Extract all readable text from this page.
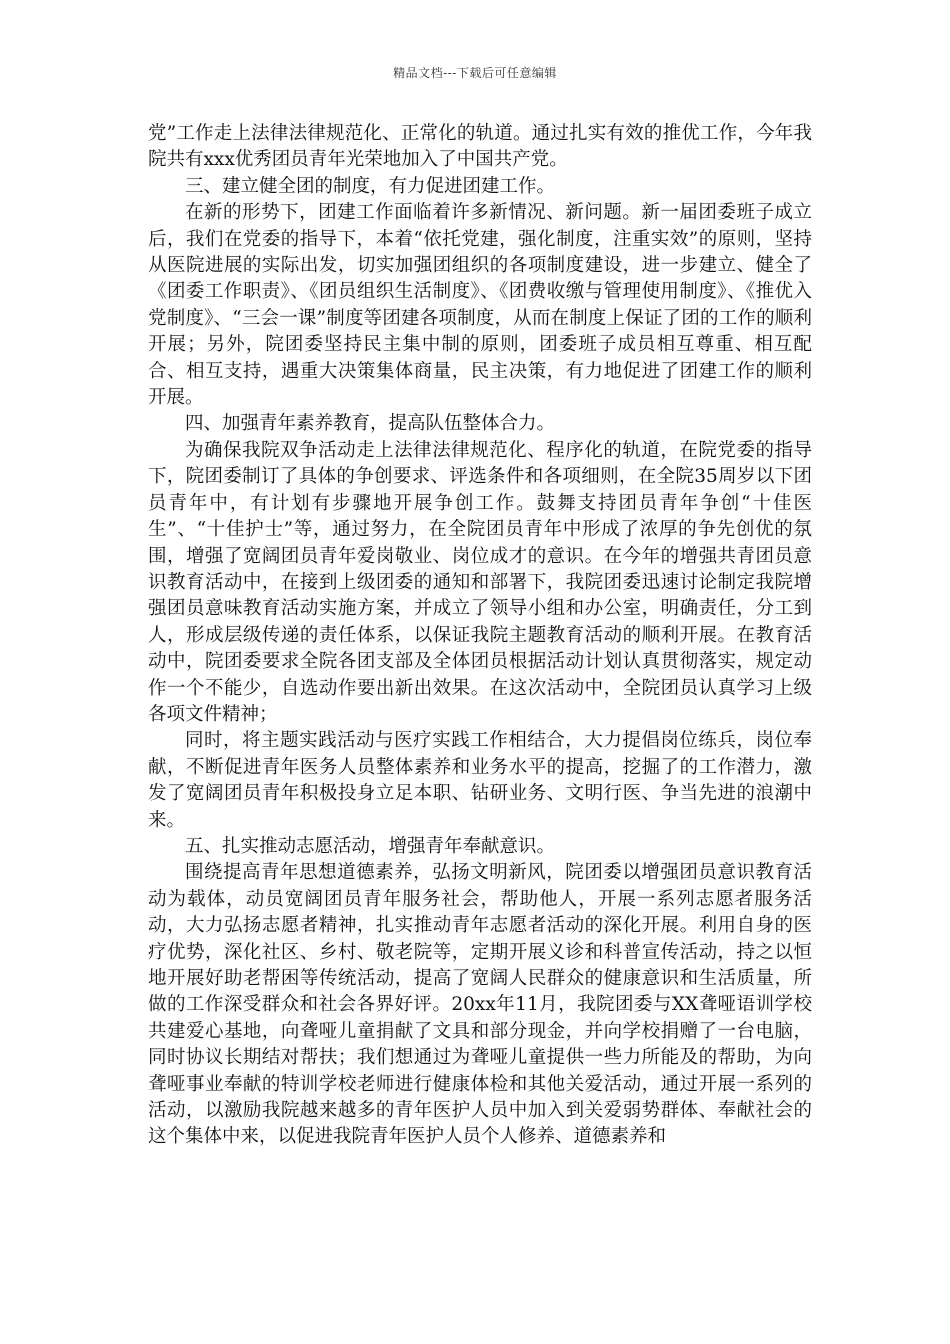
精品文档---下载后可任意编辑

党”工作走上法律法律规范化、正常化的轨道。通过扎实有效的推优工作，今年我院共有xxx优秀团员青年光荣地加入了中国共产党。

三、建立健全团的制度，有力促进团建工作。

在新的形势下，团建工作面临着许多新情况、新问题。新一届团委班子成立后，我们在党委的指导下，本着“依托党建，强化制度，注重实效”的原则，坚持从医院进展的实际出发，切实加强团组织的各项制度建设，进一步建立、健全了《团委工作职责》、《团员组织生活制度》、《团费收缴与管理使用制度》、《推优入党制度》、“三会一课”制度等团建各项制度，从而在制度上保证了团的工作的顺利开展；另外，院团委坚持民主集中制的原则，团委班子成员相互尊重、相互配合、相互支持，遇重大决策集体商量，民主决策，有力地促进了团建工作的顺利开展。

四、加强青年素养教育，提高队伍整体合力。

为确保我院双争活动走上法律法律规范化、程序化的轨道，在院党委的指导下，院团委制订了具体的争创要求、评选条件和各项细则，在全院35周岁以下团员青年中，有计划有步骤地开展争创工作。鼓舞支持团员青年争创“十佳医生”、“十佳护士”等，通过努力，在全院团员青年中形成了浓厚的争先创优的氛围，增强了宽阔团员青年爱岗敬业、岗位成才的意识。在今年的增强共青团员意识教育活动中，在接到上级团委的通知和部署下，我院团委迅速讨论制定我院增强团员意味教育活动实施方案，并成立了领导小组和办公室，明确责任，分工到人，形成层级传递的责任体系，以保证我院主题教育活动的顺利开展。在教育活动中，院团委要求全院各团支部及全体团员根据活动计划认真贯彻落实，规定动作一个不能少，自选动作要出新出效果。在这次活动中，全院团员认真学习上级各项文件精神；

同时，将主题实践活动与医疗实践工作相结合，大力提倡岗位练兵，岗位奉献，不断促进青年医务人员整体素养和业务水平的提高，挖掘了的工作潜力，激发了宽阔团员青年积极投身立足本职、钻研业务、文明行医、争当先进的浪潮中来。

五、扎实推动志愿活动，增强青年奉献意识。

围绕提高青年思想道德素养，弘扬文明新风，院团委以增强团员意识教育活动为载体，动员宽阔团员青年服务社会，帮助他人，开展一系列志愿者服务活动，大力弘扬志愿者精神，扎实推动青年志愿者活动的深化开展。利用自身的医疗优势，深化社区、乡村、敬老院等，定期开展义诊和科普宣传活动，持之以恒地开展好助老帮困等传统活动，提高了宽阔人民群众的健康意识和生活质量，所做的工作深受群众和社会各界好评。20xx年11月，我院团委与XX聋哑语训学校共建爱心基地，向聋哑儿童捐献了文具和部分现金，并向学校捐赠了一台电脑，同时协议长期结对帮扶；我们想通过为聋哑儿童提供一些力所能及的帮助，为向聋哑事业奉献的特训学校老师进行健康体检和其他关爱活动，通过开展一系列的活动，以激励我院越来越多的青年医护人员中加入到关爱弱势群体、奉献社会的这个集体中来，以促进我院青年医护人员个人修养、道德素养和
